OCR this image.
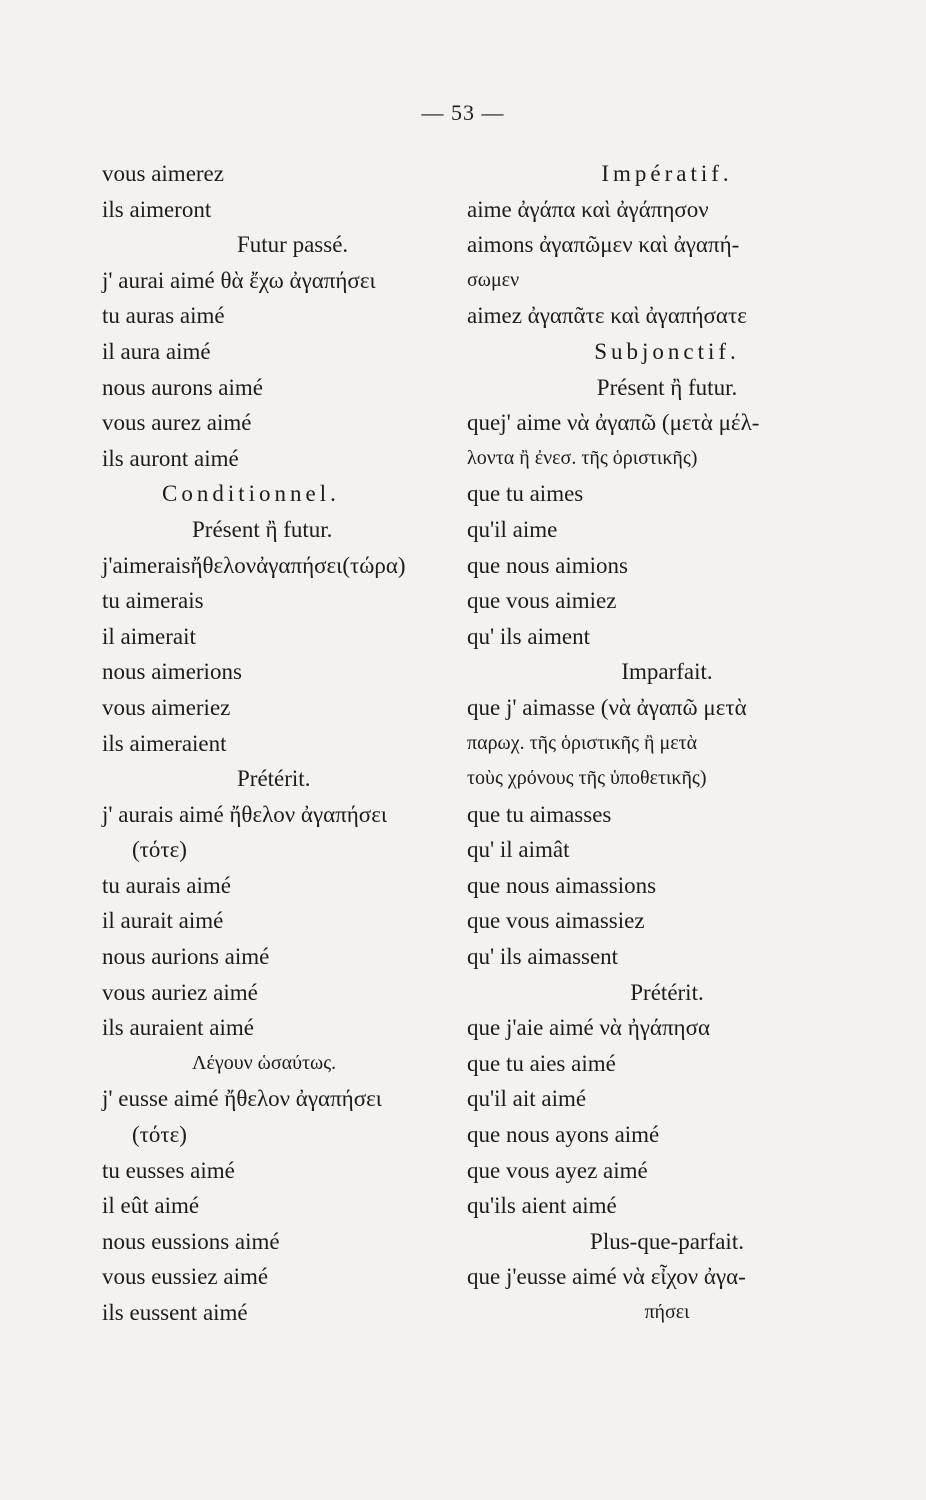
— 53 —
vous aimerez
ils aimeront
Futur passé.
j' aurai aimé θὰ ἔχω ἀγαπήσει
tu auras aimé
il aura aimé
nous aurons aimé
vous aurez aimé
ils auront aimé
Conditionnel.
Présent ἢ futur.
j'aimeraisἤθελονἀγαπήσει(τώρα)
tu aimerais
il aimerait
nous aimerions
vous aimeriez
ils aimeraient
Prétérit.
j' aurais aimé ἤθελον ἀγαπήσει
(τότε)
tu aurais aimé
il aurait aimé
nous aurions aimé
vous auriez aimé
ils auraient aimé
Λέγουν ὡσαύτως.
j' eusse aimé ἤθελον ἀγαπήσει
(τότε)
tu eusses aimé
il eût aimé
nous eussions aimé
vous eussiez aimé
ils eussent aimé
Impératif.
aime ἀγάπα καὶ ἀγάπησον
aimons ἀγαπῶμεν καὶ ἀγαπή-
σωμεν
aimez ἀγαπᾶτε καὶ ἀγαπήσατε
Subjonctif.
Présent ἢ futur.
quej' aime νὰ ἀγαπῶ (μετὰ μέλ-
λοντα ἢ ἐνεσ. τῆς ὁριστικῆς)
que tu aimes
qu'il aime
que nous aimions
que vous aimiez
qu' ils aiment
Imparfait.
que j' aimasse (νὰ ἀγαπῶ μετὰ
παρωχ. τῆς ὁριστικῆς ἢ μετὰ
τοὺς χρόνους τῆς ὑποθετικῆς)
que tu aimasses
qu' il aimât
que nous aimassions
que vous aimassiez
qu' ils aimassent
Prétérit.
que j'aie aimé νὰ ἠγάπησα
que tu aies aimé
qu'il ait aimé
que nous ayons aimé
que vous ayez aimé
qu'ils aient aimé
Plus-que-parfait.
que j'eusse aimé νὰ εἶχον ἀγα-
πήσει
